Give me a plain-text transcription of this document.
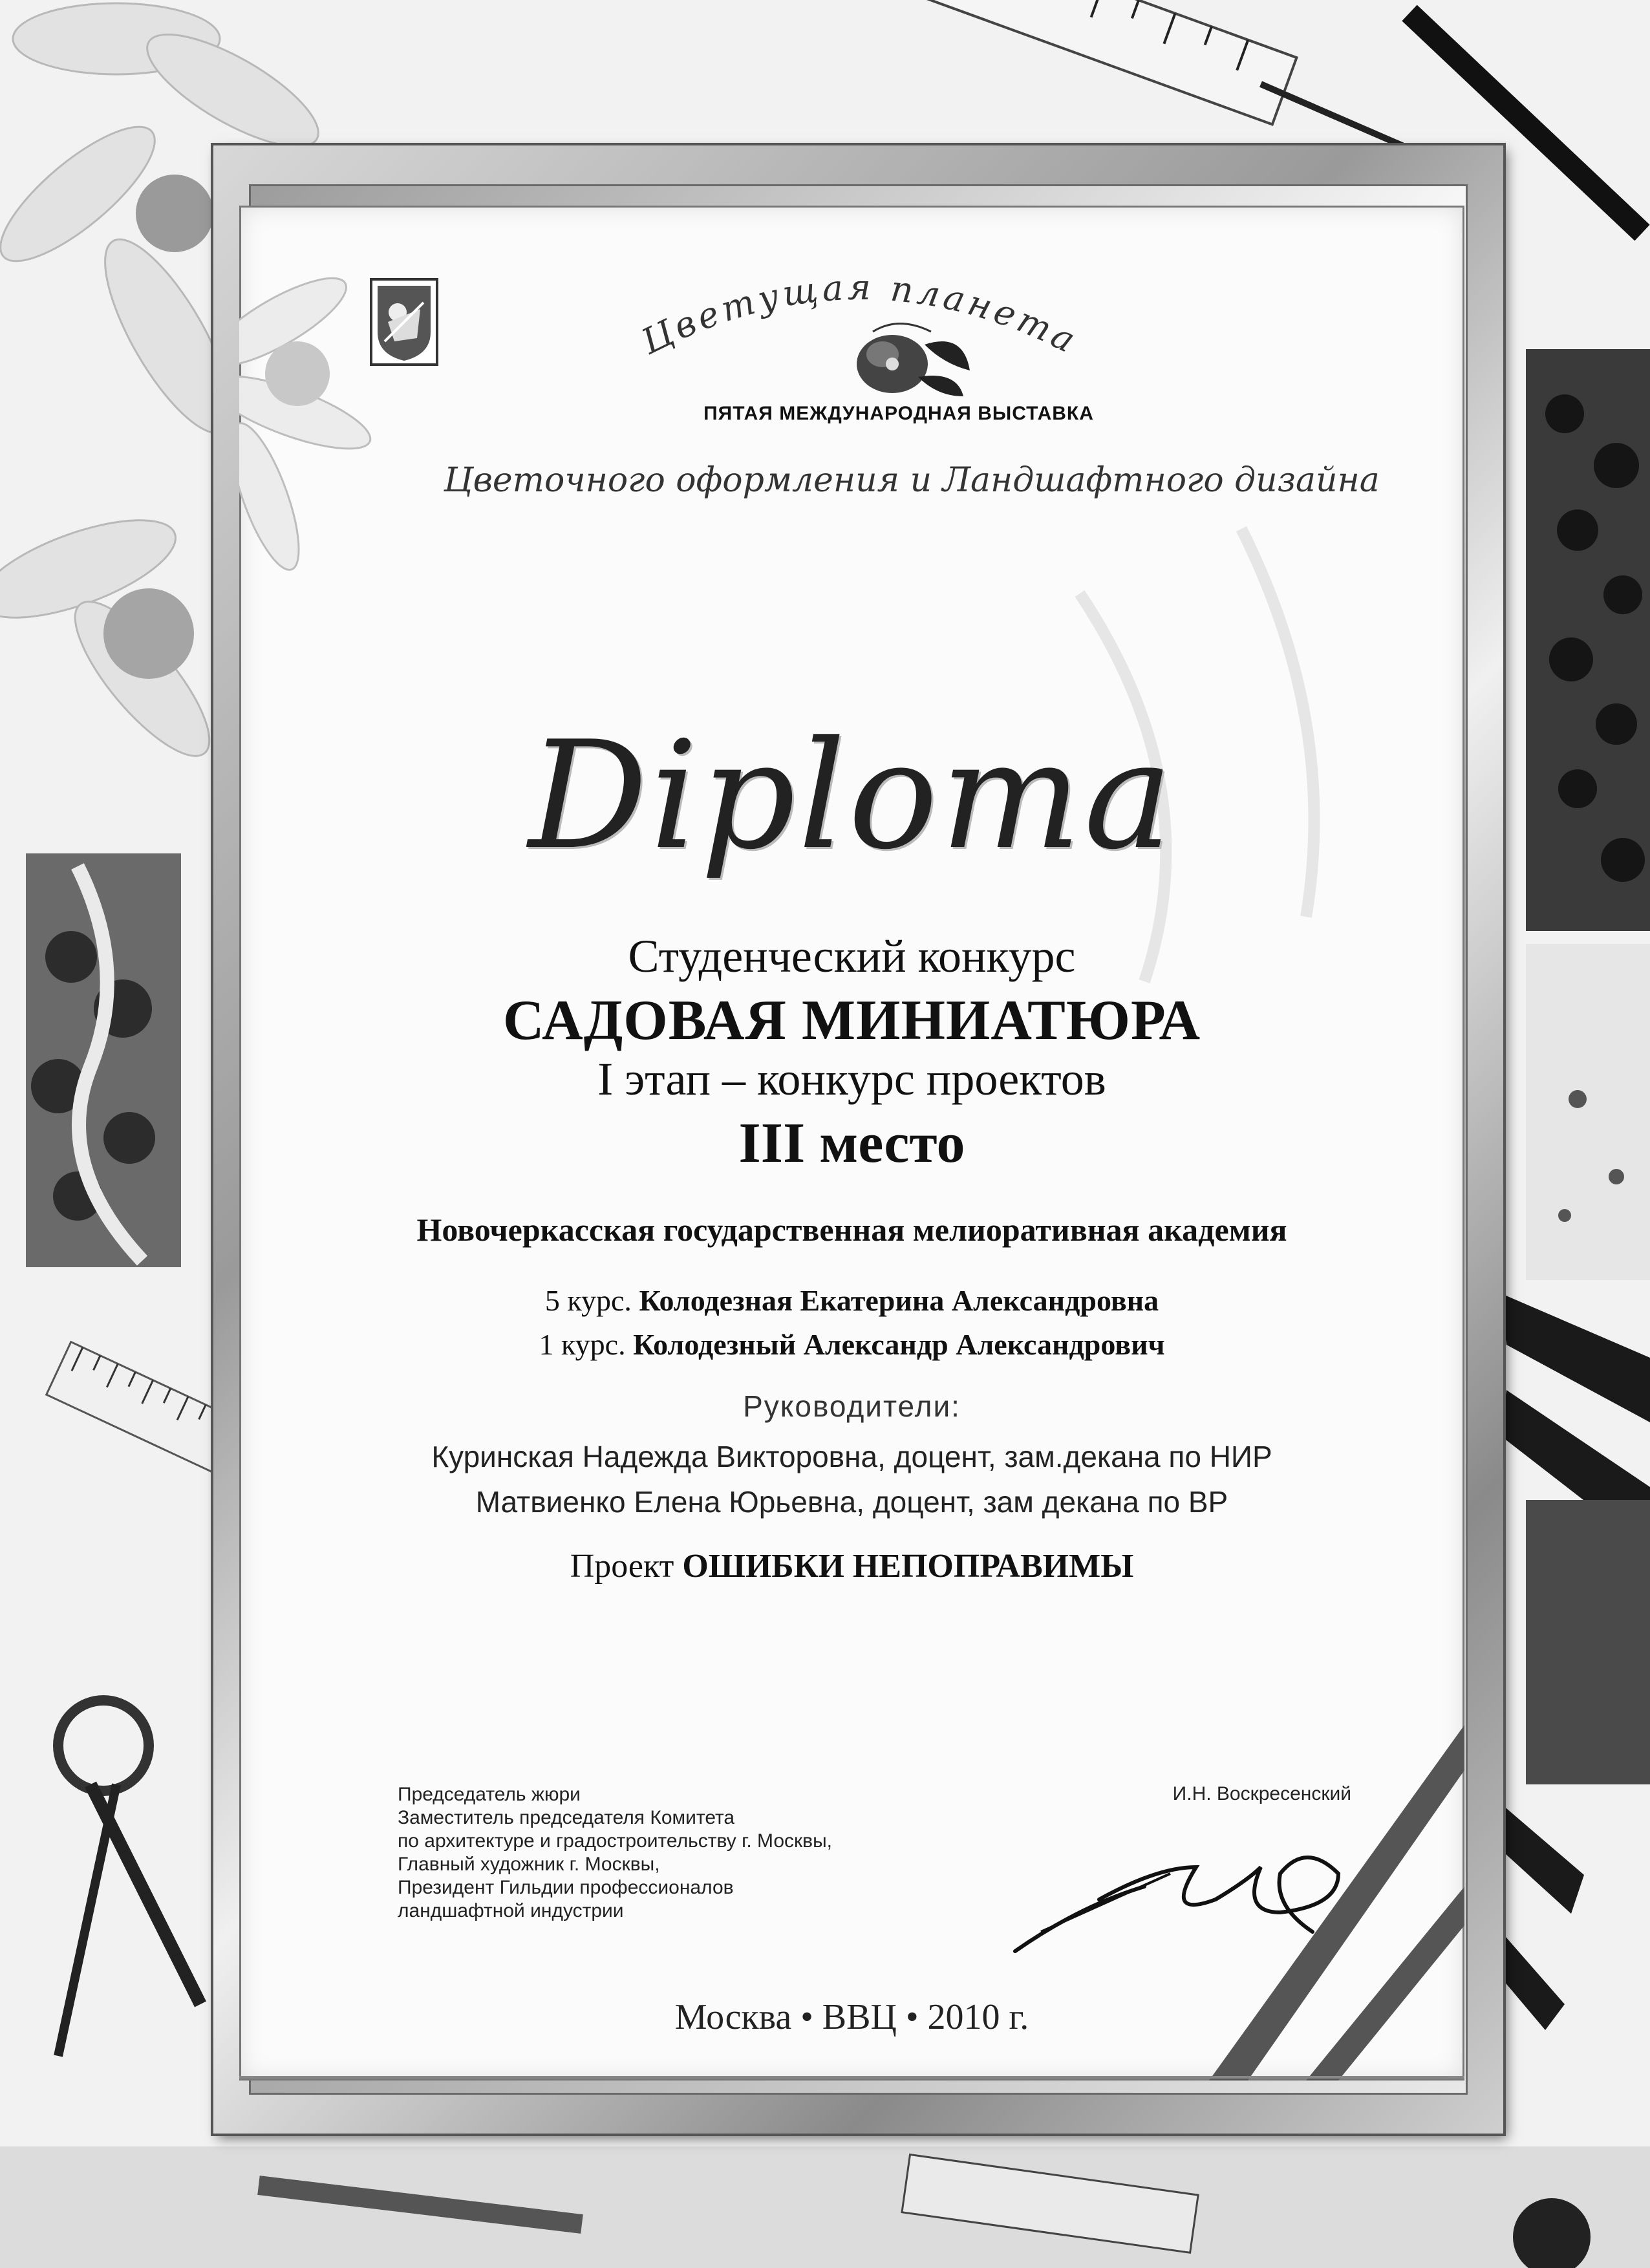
Цветущая планета
ПЯТАЯ МЕЖДУНАРОДНАЯ ВЫСТАВКА
Цветочного оформления и Ландшафтного дизайна
Diploma
Студенческий конкурс
САДОВАЯ МИНИАТЮРА
I этап – конкурс проектов
III место
Новочеркасская государственная мелиоративная академия
5 курс. Колодезная Екатерина Александровна
1 курс. Колодезный Александр Александрович
Руководители:
Куринская Надежда Викторовна, доцент, зам.декана по НИР
Матвиенко Елена Юрьевна, доцент, зам декана по ВР
Проект ОШИБКИ НЕПОПРАВИМЫ
Председатель жюри
Заместитель председателя Комитета
по архитектуре и градостроительству г. Москвы,
Главный художник г. Москвы,
Президент Гильдии профессионалов
ландшафтной индустрии
И.Н. Воскресенский
Москва • ВВЦ • 2010 г.
